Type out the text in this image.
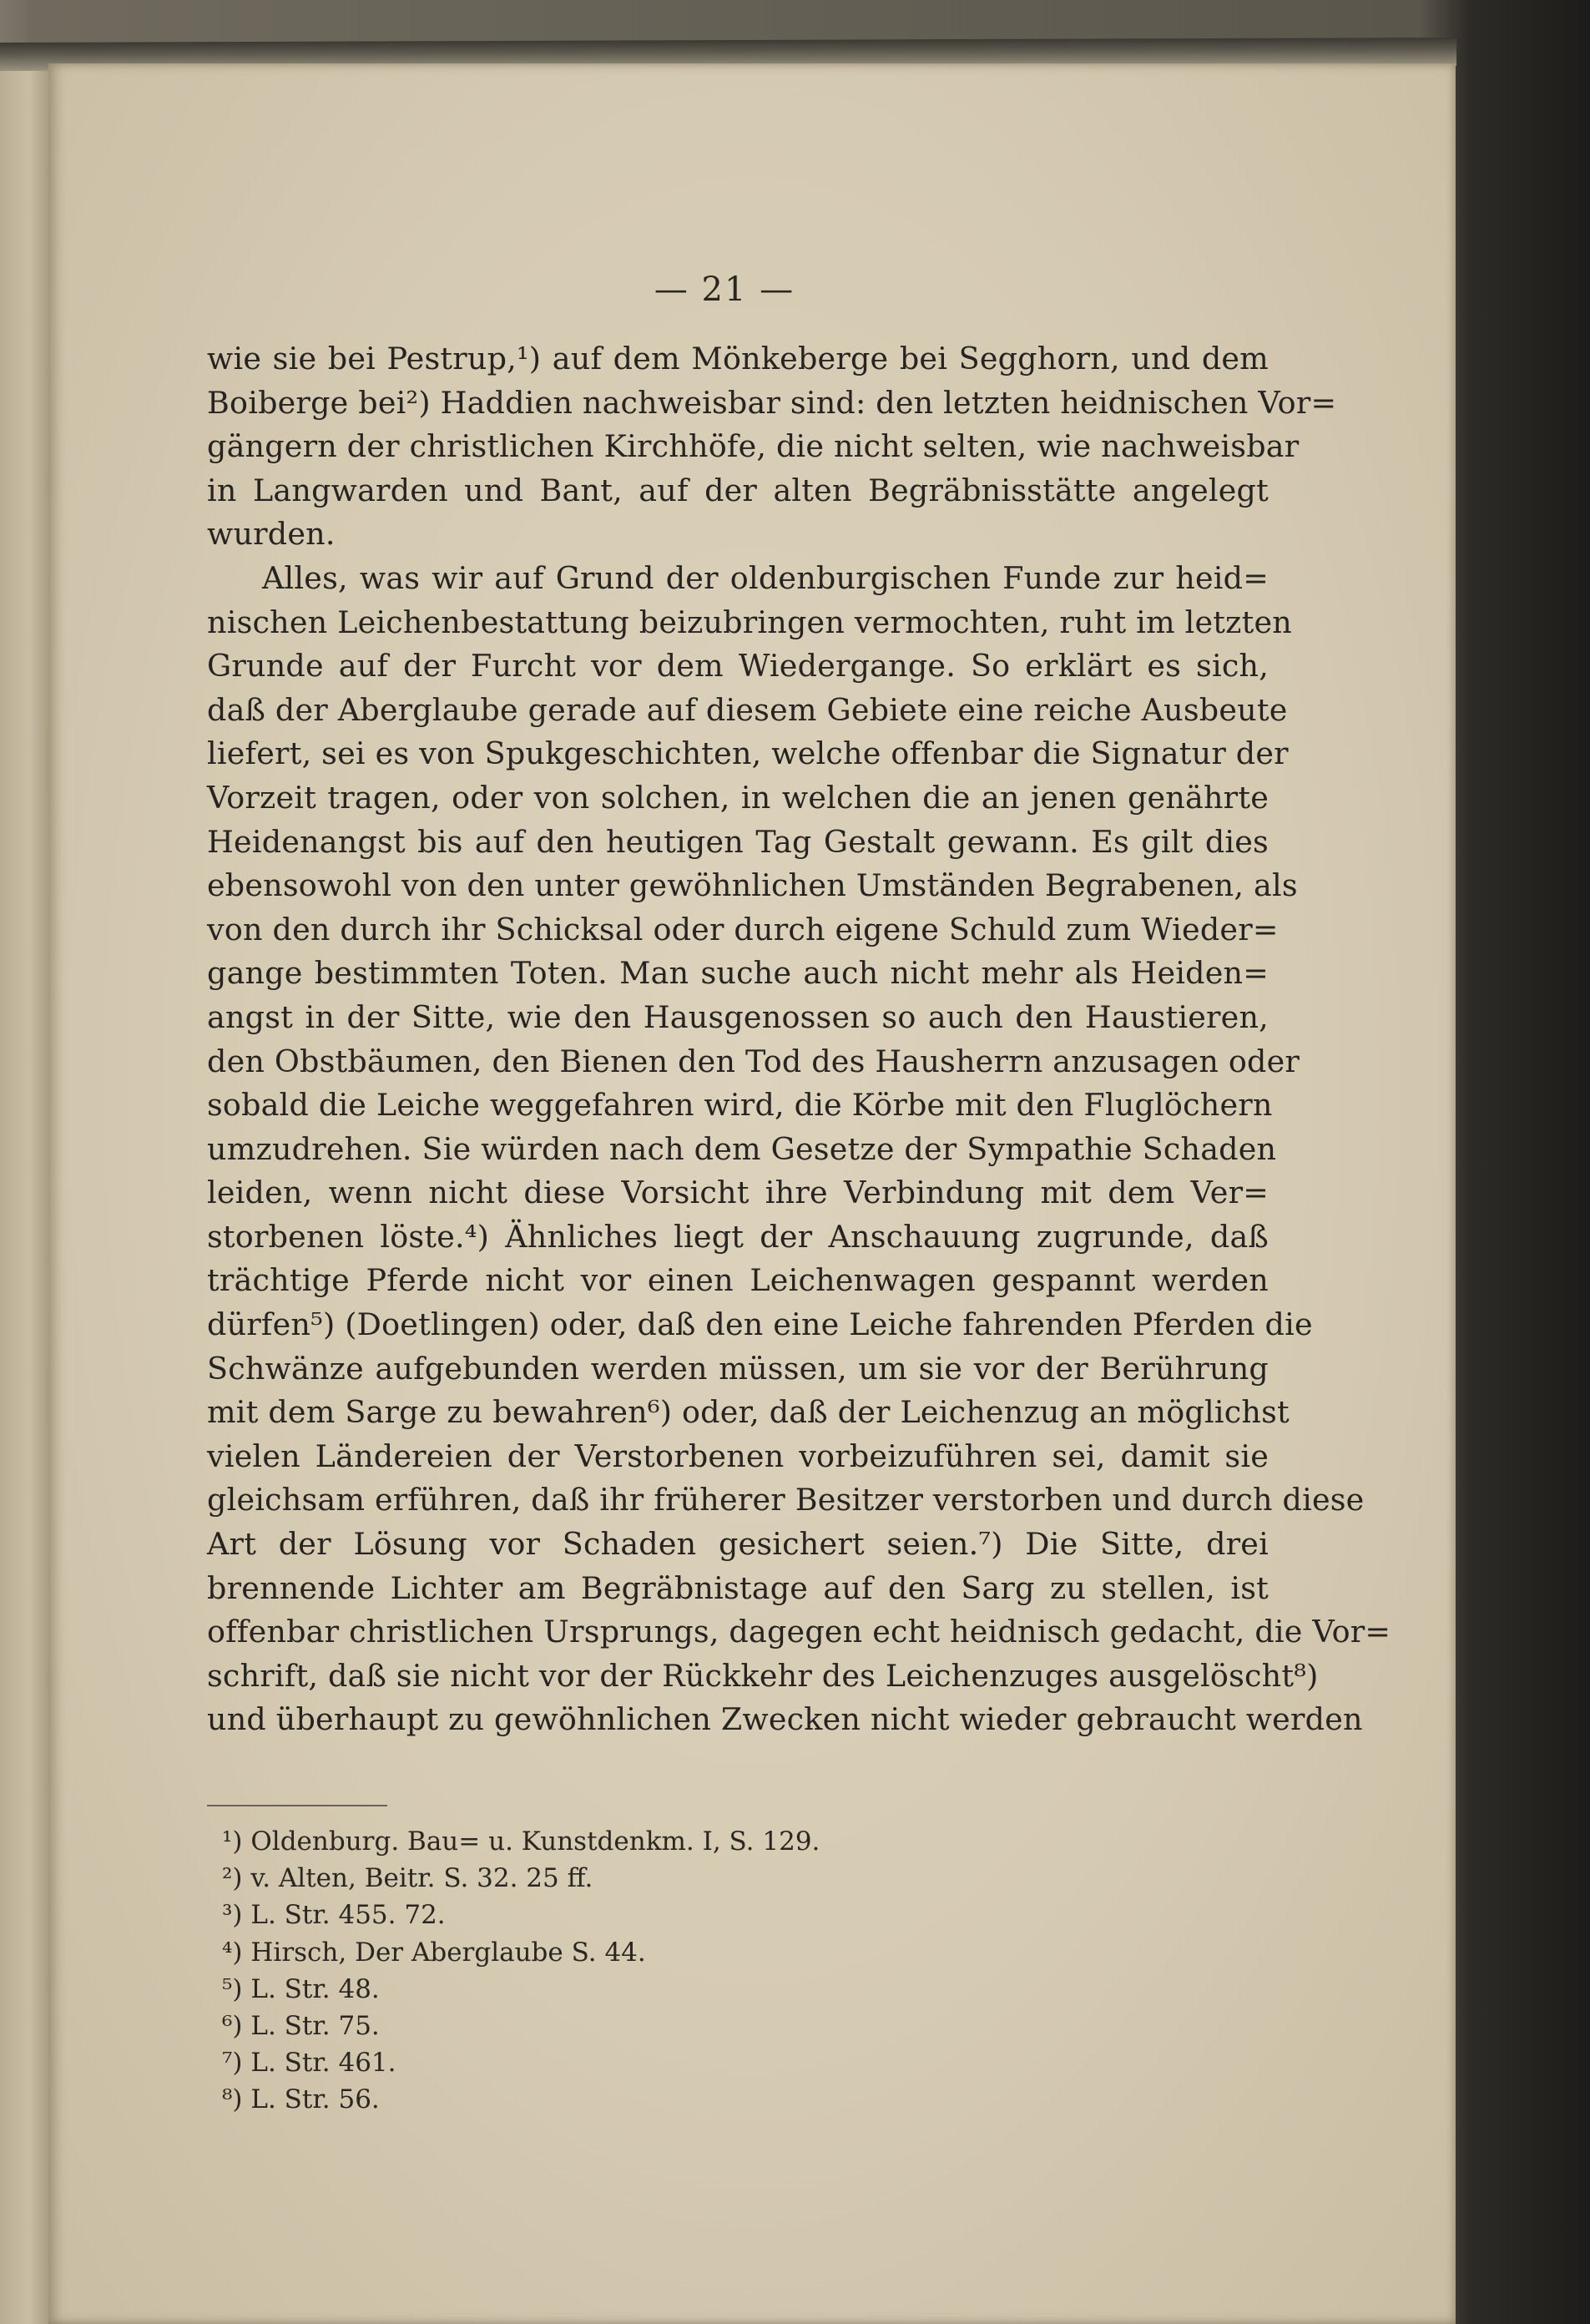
— 21 —
wie sie bei Pestrup,¹) auf dem Mönkeberge bei Segghorn, und dem
Boiberge bei²) Haddien nachweisbar sind: den letzten heidnischen Vor=
gängern der christlichen Kirchhöfe, die nicht selten, wie nachweisbar
in Langwarden und Bant, auf der alten Begräbnisstätte angelegt
wurden.
Alles, was wir auf Grund der oldenburgischen Funde zur heid=
nischen Leichenbestattung beizubringen vermochten, ruht im letzten
Grunde auf der Furcht vor dem Wiedergange. So erklärt es sich,
daß der Aberglaube gerade auf diesem Gebiete eine reiche Ausbeute
liefert, sei es von Spukgeschichten, welche offenbar die Signatur der
Vorzeit tragen, oder von solchen, in welchen die an jenen genährte
Heidenangst bis auf den heutigen Tag Gestalt gewann. Es gilt dies
ebensowohl von den unter gewöhnlichen Umständen Begrabenen, als
von den durch ihr Schicksal oder durch eigene Schuld zum Wieder=
gange bestimmten Toten. Man suche auch nicht mehr als Heiden=
angst in der Sitte, wie den Hausgenossen so auch den Haustieren,
den Obstbäumen, den Bienen den Tod des Hausherrn anzusagen oder
sobald die Leiche weggefahren wird, die Körbe mit den Fluglöchern
umzudrehen. Sie würden nach dem Gesetze der Sympathie Schaden
leiden, wenn nicht diese Vorsicht ihre Verbindung mit dem Ver=
storbenen löste.⁴) Ähnliches liegt der Anschauung zugrunde, daß
trächtige Pferde nicht vor einen Leichenwagen gespannt werden
dürfen⁵) (Doetlingen) oder, daß den eine Leiche fahrenden Pferden die
Schwänze aufgebunden werden müssen, um sie vor der Berührung
mit dem Sarge zu bewahren⁶) oder, daß der Leichenzug an möglichst
vielen Ländereien der Verstorbenen vorbeizuführen sei, damit sie
gleichsam erführen, daß ihr früherer Besitzer verstorben und durch diese
Art der Lösung vor Schaden gesichert seien.⁷) Die Sitte, drei
brennende Lichter am Begräbnistage auf den Sarg zu stellen, ist
offenbar christlichen Ursprungs, dagegen echt heidnisch gedacht, die Vor=
schrift, daß sie nicht vor der Rückkehr des Leichenzuges ausgelöscht⁸)
und überhaupt zu gewöhnlichen Zwecken nicht wieder gebraucht werden
¹) Oldenburg. Bau= u. Kunstdenkm. I, S. 129.
²) v. Alten, Beitr. S. 32. 25 ff.
³) L. Str. 455. 72.
⁴) Hirsch, Der Aberglaube S. 44.
⁵) L. Str. 48.
⁶) L. Str. 75.
⁷) L. Str. 461.
⁸) L. Str. 56.
